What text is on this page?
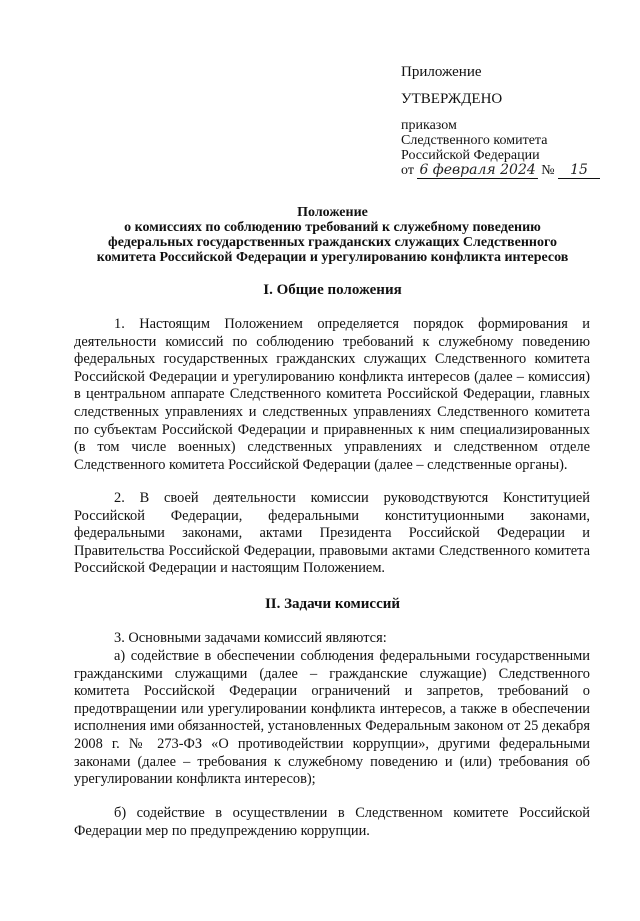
Приложение
УТВЕРЖДЕНО
приказом
Следственного комитета
Российской Федерации
от 6 февраля 2024 № 15
Положение
о комиссиях по соблюдению требований к служебному поведению
федеральных государственных гражданских служащих Следственного
комитета Российской Федерации и урегулированию конфликта интересов
I. Общие положения
1. Настоящим Положением определяется порядок формирования и деятельности комиссий по соблюдению требований к служебному поведению федеральных государственных гражданских служащих Следственного комитета Российской Федерации и урегулированию конфликта интересов (далее – комиссия) в центральном аппарате Следственного комитета Российской Федерации, главных следственных управлениях и следственных управлениях Следственного комитета по субъектам Российской Федерации и приравненных к ним специализированных (в том числе военных) следственных управлениях и следственном отделе Следственного комитета Российской Федерации (далее – следственные органы).
2. В своей деятельности комиссии руководствуются Конституцией Российской Федерации, федеральными конституционными законами, федеральными законами, актами Президента Российской Федерации и Правительства Российской Федерации, правовыми актами Следственного комитета Российской Федерации и настоящим Положением.
II. Задачи комиссий
3. Основными задачами комиссий являются:
а) содействие в обеспечении соблюдения федеральными государственными гражданскими служащими (далее – гражданские служащие) Следственного комитета Российской Федерации ограничений и запретов, требований о предотвращении или урегулировании конфликта интересов, а также в обеспечении исполнения ими обязанностей, установленных Федеральным законом от 25 декабря 2008 г. № 273-ФЗ «О противодействии коррупции», другими федеральными законами (далее – требования к служебному поведению и (или) требования об урегулировании конфликта интересов);
б) содействие в осуществлении в Следственном комитете Российской Федерации мер по предупреждению коррупции.
